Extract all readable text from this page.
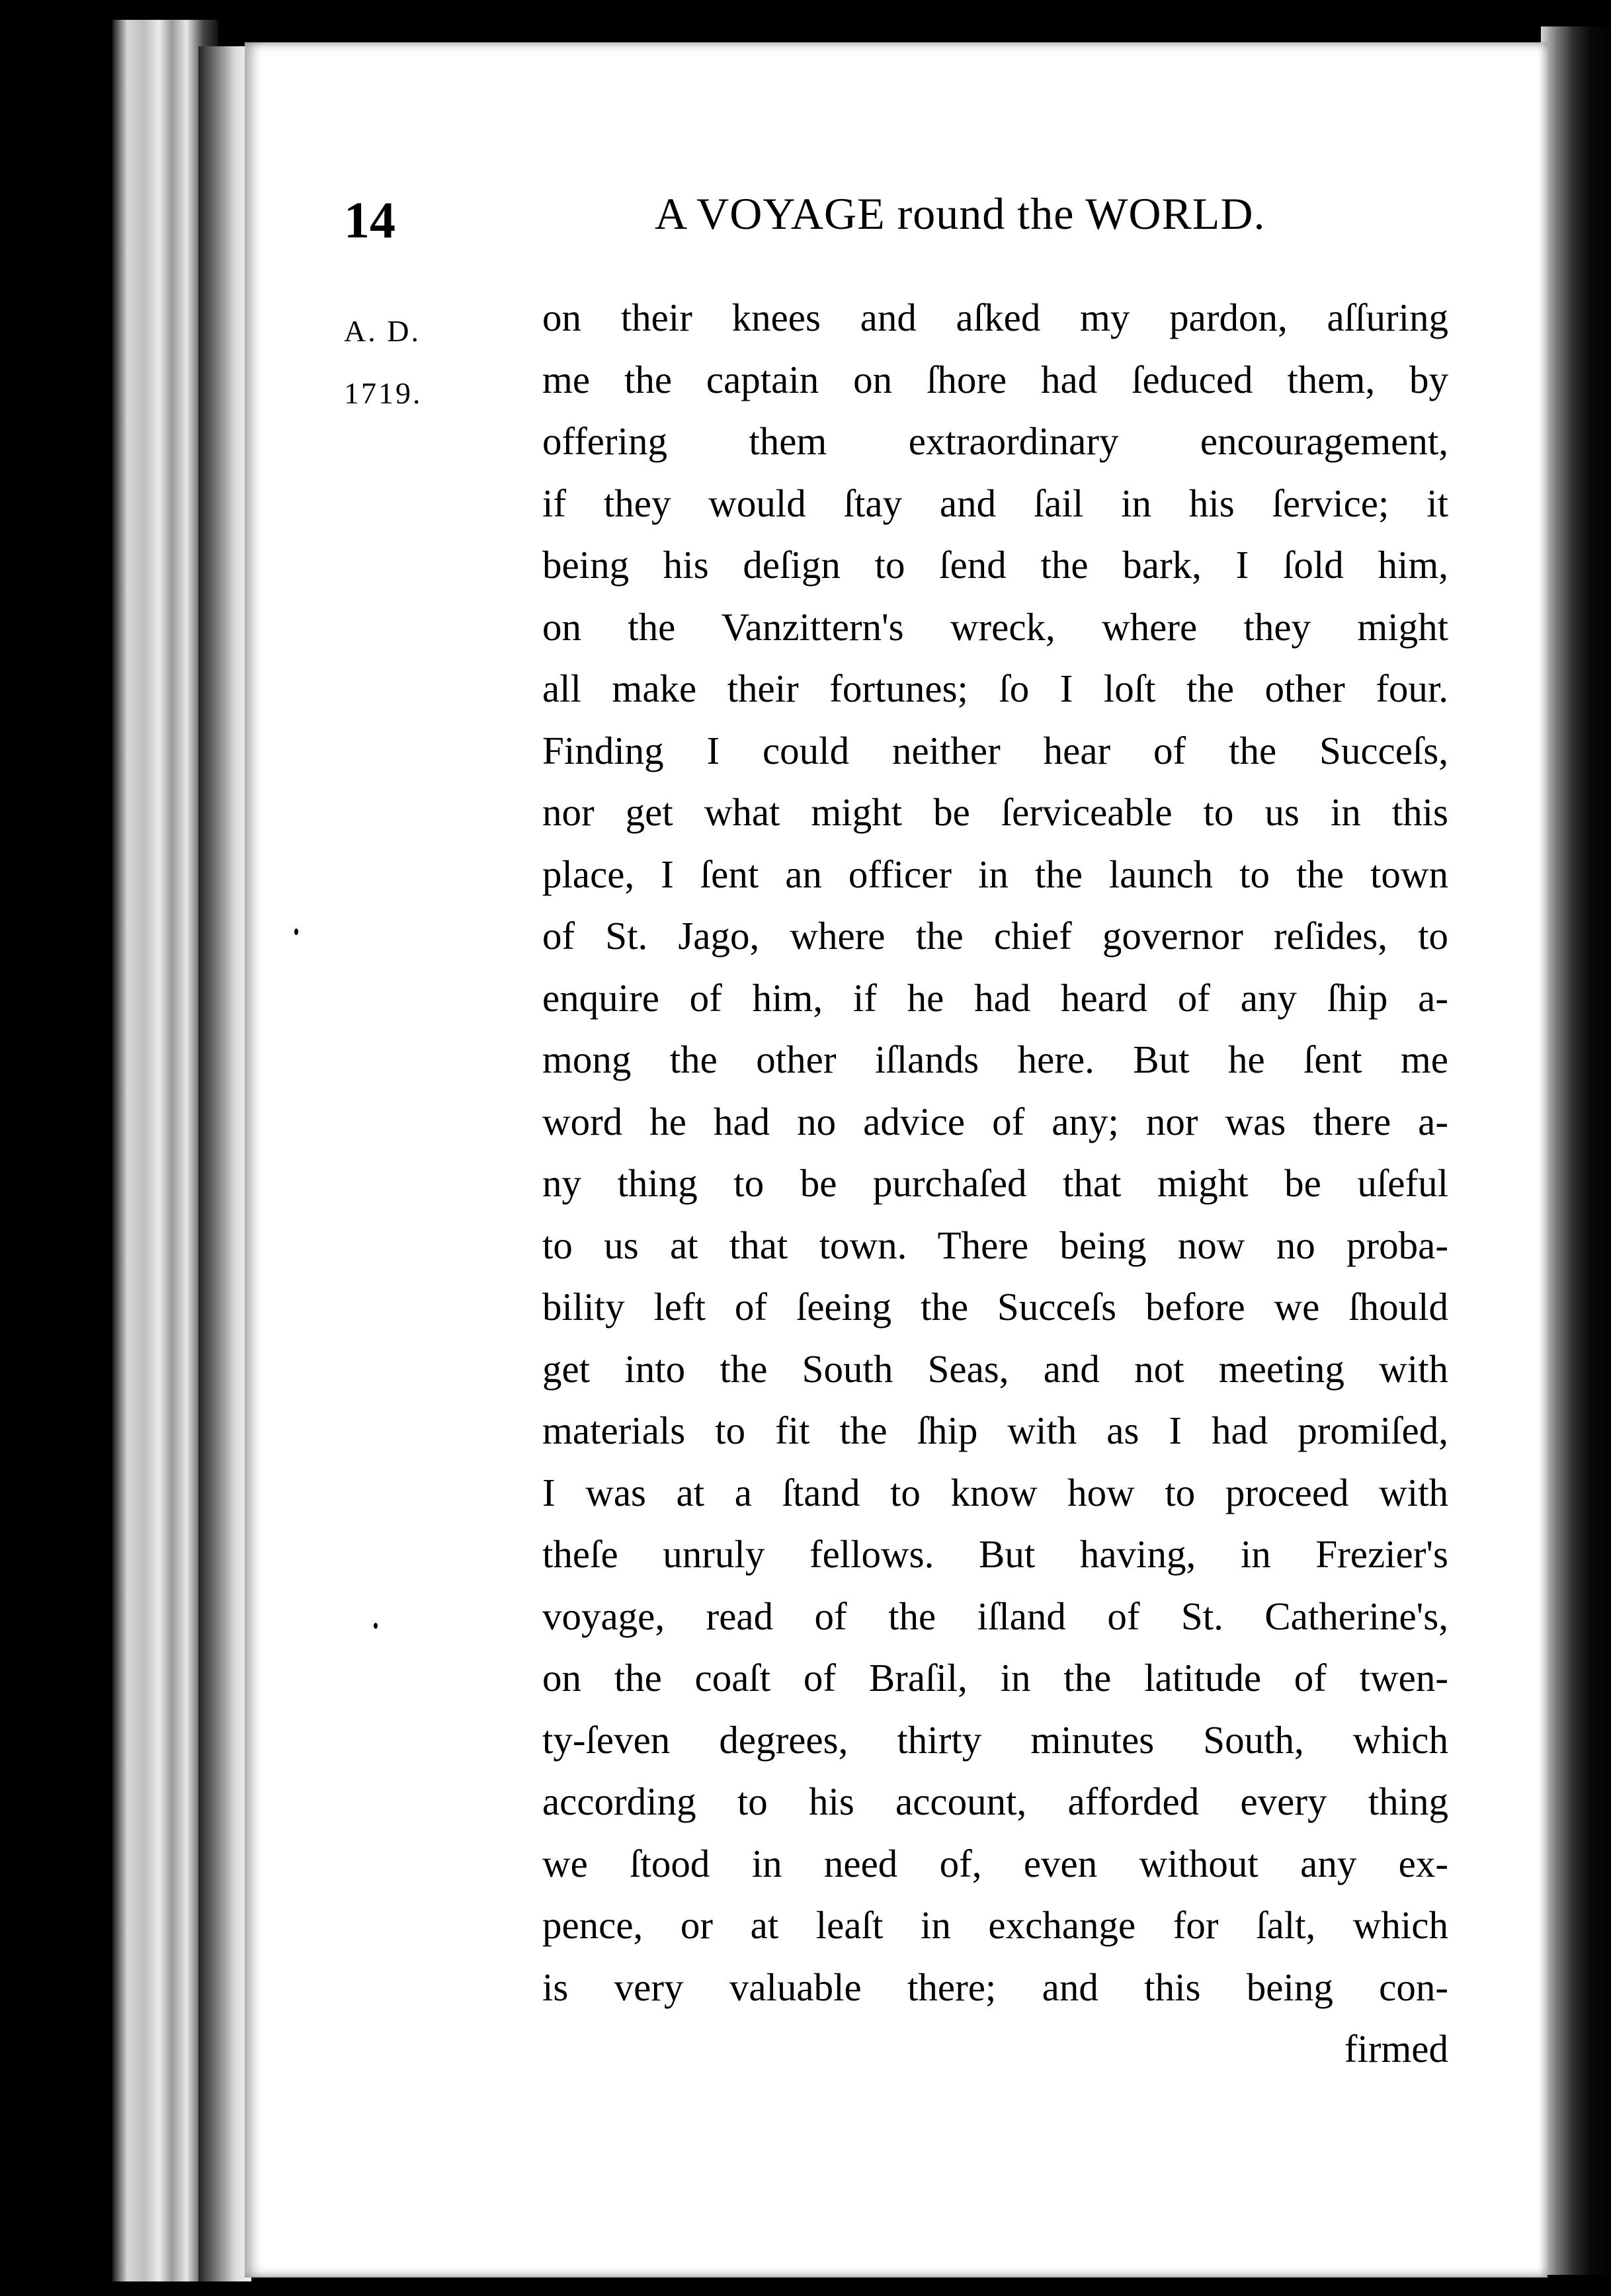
14	A VOYAGE round the WORLD.
A. D.
1719.
on their knees and aſked my pardon, aſſuring
me the captain on ſhore had ſeduced them, by
offering them extraordinary encouragement,
if they would ſtay and ſail in his ſervice; it
being his deſign to ſend the bark, I ſold him,
on the Vanzittern's wreck, where they might
all make their fortunes; ſo I loſt the other four.
Finding I could neither hear of the Succeſs,
nor get what might be ſerviceable to us in this
place, I ſent an officer in the launch to the town
of St. Jago, where the chief governor reſides, to
enquire of him, if he had heard of any ſhip a-
mong the other iſlands here. But he ſent me
word he had no advice of any; nor was there a-
ny thing to be purchaſed that might be uſeful
to us at that town. There being now no proba-
bility left of ſeeing the Succeſs before we ſhould
get into the South Seas, and not meeting with
materials to fit the ſhip with as I had promiſed,
I was at a ſtand to know how to proceed with
theſe unruly fellows. But having, in Frezier's
voyage, read of the iſland of St. Catherine's,
on the coaſt of Braſil, in the latitude of twen-
ty-ſeven degrees, thirty minutes South, which
according to his account, afforded every thing
we ſtood in need of, even without any ex-
pence, or at leaſt in exchange for ſalt, which
is very valuable there; and this being con-
firmed
